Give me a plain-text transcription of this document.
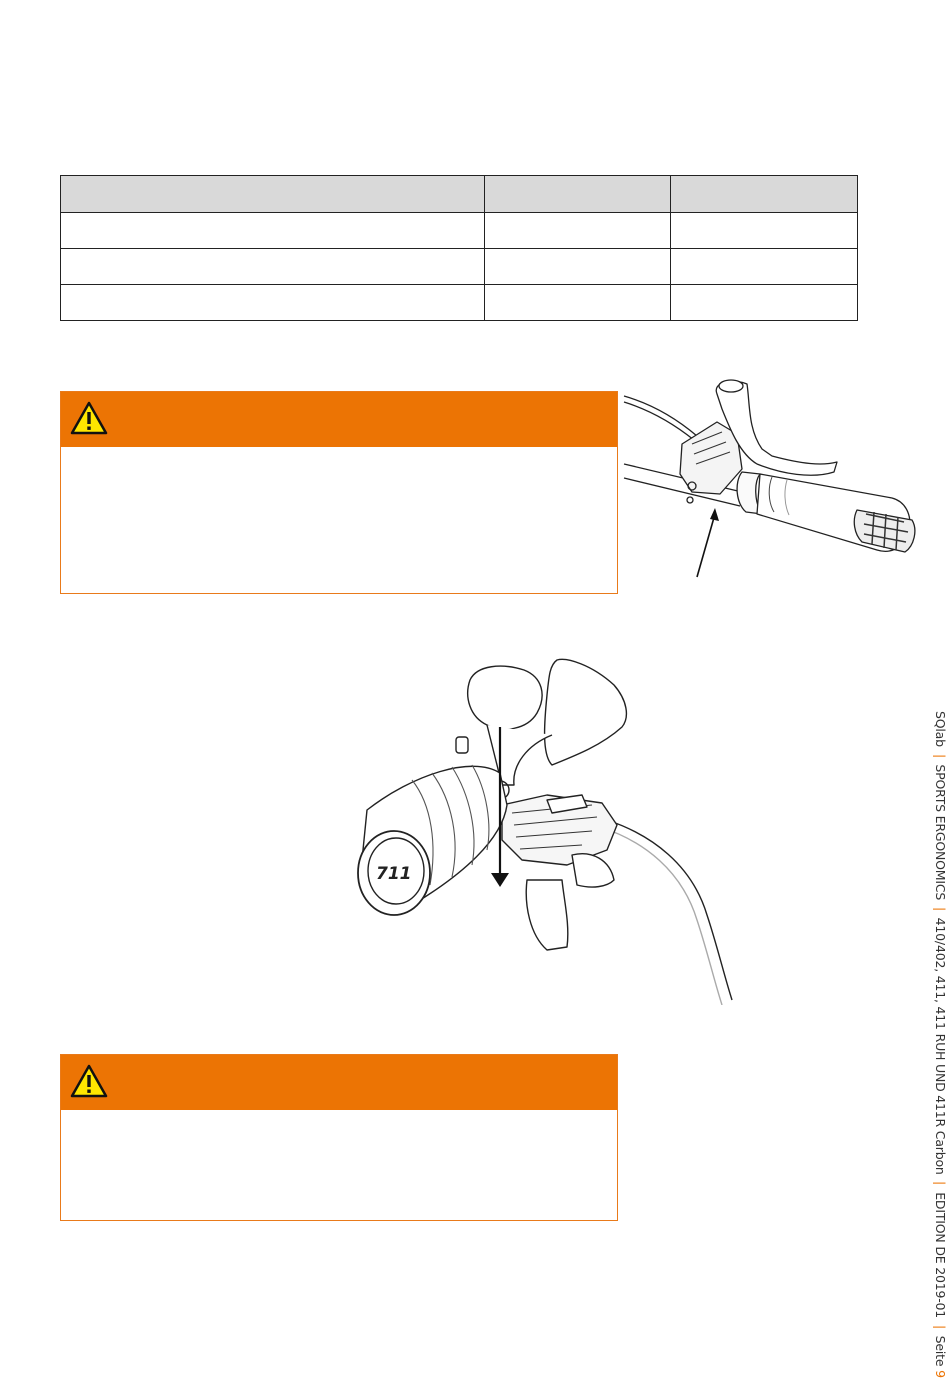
711
SQlab | SPORTS ERGONOMICS | 410/402, 411, 411 RUH UND 411R Carbon | EDITION DE 2019-01 | Seite 9
